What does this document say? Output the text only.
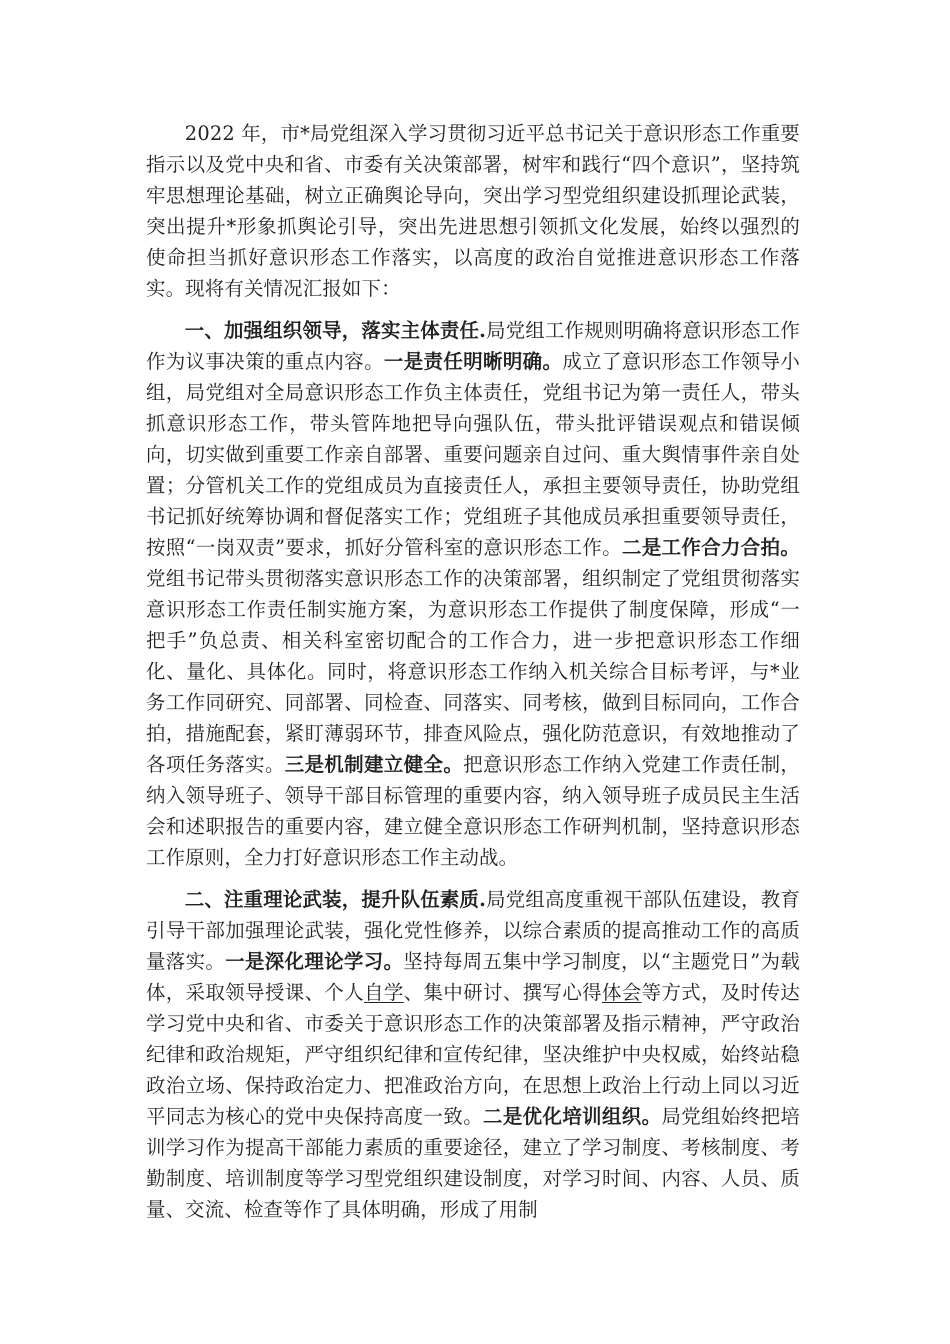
2022 年，市*局党组深入学习贯彻习近平总书记关于意识形态工作重要指示以及党中央和省、市委有关决策部署，树牢和践行“四个意识”，坚持筑牢思想理论基础，树立正确舆论导向，突出学习型党组织建设抓理论武装，突出提升*形象抓舆论引导，突出先进思想引领抓文化发展，始终以强烈的使命担当抓好意识形态工作落实，以高度的政治自觉推进意识形态工作落实。现将有关情况汇报如下：

一、加强组织领导，落实主体责任.局党组工作规则明确将意识形态工作作为议事决策的重点内容。一是责任明晰明确。成立了意识形态工作领导小组，局党组对全局意识形态工作负主体责任，党组书记为第一责任人，带头抓意识形态工作，带头管阵地把导向强队伍，带头批评错误观点和错误倾向，切实做到重要工作亲自部署、重要问题亲自过问、重大舆情事件亲自处置；分管机关工作的党组成员为直接责任人，承担主要领导责任，协助党组书记抓好统筹协调和督促落实工作；党组班子其他成员承担重要领导责任，按照“一岗双责”要求，抓好分管科室的意识形态工作。二是工作合力合拍。党组书记带头贯彻落实意识形态工作的决策部署，组织制定了党组贯彻落实意识形态工作责任制实施方案，为意识形态工作提供了制度保障，形成“一把手”负总责、相关科室密切配合的工作合力，进一步把意识形态工作细化、量化、具体化。同时，将意识形态工作纳入机关综合目标考评，与*业务工作同研究、同部署、同检查、同落实、同考核，做到目标同向，工作合拍，措施配套，紧盯薄弱环节，排查风险点，强化防范意识，有效地推动了各项任务落实。三是机制建立健全。把意识形态工作纳入党建工作责任制，纳入领导班子、领导干部目标管理的重要内容，纳入领导班子成员民主生活会和述职报告的重要内容，建立健全意识形态工作研判机制，坚持意识形态工作原则，全力打好意识形态工作主动战。

二、注重理论武装，提升队伍素质.局党组高度重视干部队伍建设，教育引导干部加强理论武装，强化党性修养，以综合素质的提高推动工作的高质量落实。一是深化理论学习。坚持每周五集中学习制度，以“主题党日”为载体，采取领导授课、个人自学、集中研讨、撰写心得体会等方式，及时传达学习党中央和省、市委关于意识形态工作的决策部署及指示精神，严守政治纪律和政治规矩，严守组织纪律和宣传纪律，坚决维护中央权威，始终站稳政治立场、保持政治定力、把准政治方向，在思想上政治上行动上同以习近平同志为核心的党中央保持高度一致。二是优化培训组织。局党组始终把培训学习作为提高干部能力素质的重要途径，建立了学习制度、考核制度、考勤制度、培训制度等学习型党组织建设制度，对学习时间、内容、人员、质量、交流、检查等作了具体明确，形成了用制
